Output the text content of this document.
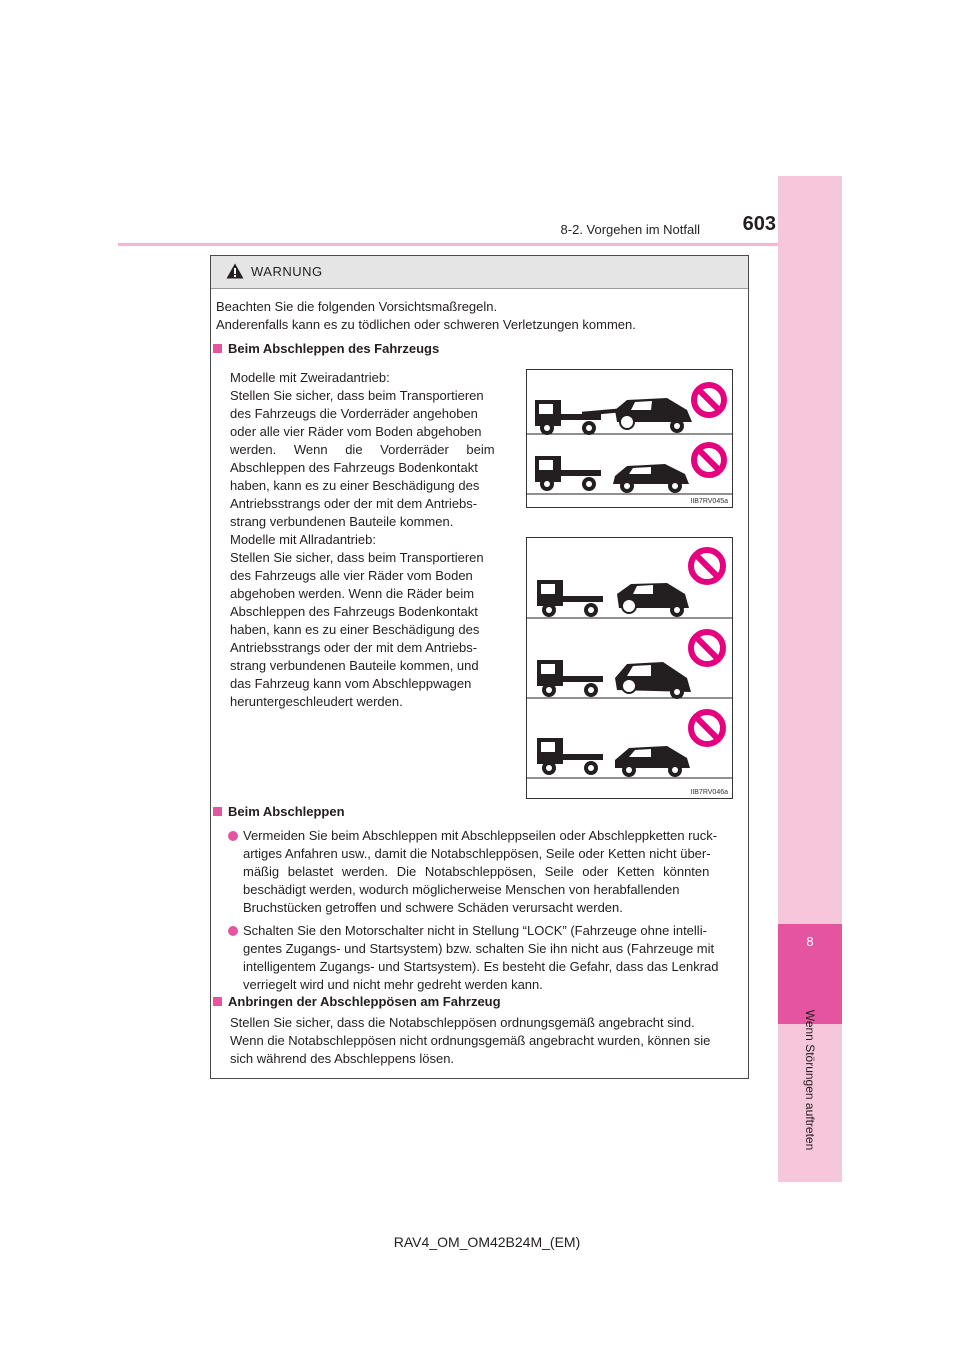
8-2. Vorgehen im Notfall	603
8
Wenn Störungen auftreten
WARNUNG
Beachten Sie die folgenden Vorsichtsmaßregeln.
Anderenfalls kann es zu tödlichen oder schweren Verletzungen kommen.
Beim Abschleppen des Fahrzeugs
Modelle mit Zweiradantrieb:
Stellen Sie sicher, dass beim Transportieren
des Fahrzeugs die Vorderräder angehoben
oder alle vier Räder vom Boden abgehoben
werden. Wenn die Vorderräder beim
Abschleppen des Fahrzeugs Bodenkontakt
haben, kann es zu einer Beschädigung des
Antriebsstrangs oder der mit dem Antriebs-
strang verbundenen Bauteile kommen.
IIB7RV045a
Modelle mit Allradantrieb:
Stellen Sie sicher, dass beim Transportieren
des Fahrzeugs alle vier Räder vom Boden
abgehoben werden. Wenn die Räder beim
Abschleppen des Fahrzeugs Bodenkontakt
haben, kann es zu einer Beschädigung des
Antriebsstrangs oder der mit dem Antriebs-
strang verbundenen Bauteile kommen, und
das Fahrzeug kann vom Abschleppwagen
heruntergeschleudert werden.
IIB7RV046a
Beim Abschleppen
Vermeiden Sie beim Abschleppen mit Abschleppseilen oder Abschleppketten ruck-
artiges Anfahren usw., damit die Notabschleppösen, Seile oder Ketten nicht über-
mäßig belastet werden. Die Notabschleppösen, Seile oder Ketten könnten
beschädigt werden, wodurch möglicherweise Menschen von herabfallenden
Bruchstücken getroffen und schwere Schäden verursacht werden.
Schalten Sie den Motorschalter nicht in Stellung “LOCK” (Fahrzeuge ohne intelli-
gentes Zugangs- und Startsystem) bzw. schalten Sie ihn nicht aus (Fahrzeuge mit
intelligentem Zugangs- und Startsystem). Es besteht die Gefahr, dass das Lenkrad
verriegelt wird und nicht mehr gedreht werden kann.
Anbringen der Abschleppösen am Fahrzeug
Stellen Sie sicher, dass die Notabschleppösen ordnungsgemäß angebracht sind.
Wenn die Notabschleppösen nicht ordnungsgemäß angebracht wurden, können sie
sich während des Abschleppens lösen.
RAV4_OM_OM42B24M_(EM)
